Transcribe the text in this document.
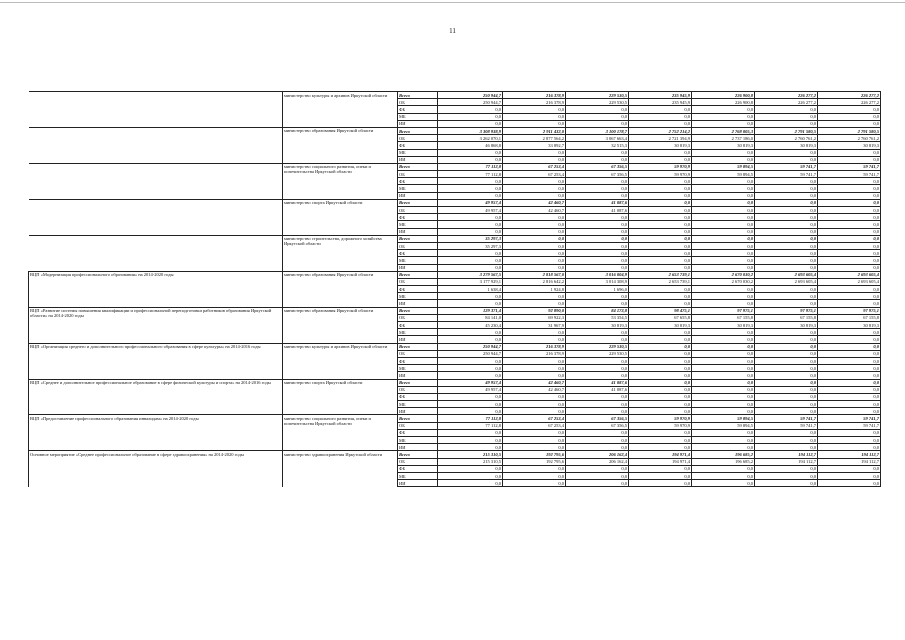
11
	министерство культуры и архивов Иркутской области	Всего	250 944,7	216 378,9	229 530,5	235 945,9	226 900,8	226 277,2	226 277,2
		ОБ	250 944,7	216 378,9	229 530,5	235 945,9	226 900,8	226 277,2	226 277,2
		ФБ	0,0	0,0	0,0	0,0	0,0	0,0	0,0
		МБ	0,0	0,0	0,0	0,0	0,0	0,0	0,0
		ИИ	0,0	0,0	0,0	0,0	0,0	0,0	0,0
	министерство образования Иркутской области	Всего	3 308 938,9	2 911 432,0	3 100 178,7	2 752 214,2	2 768 005,3	2 791 580,5	2 791 580,5
		ОБ	3 262 070,1	2 877 564,2	3 067 663,4	2 721 394,9	2 737 186,0	2 760 761,2	2 760 761,2
		ФБ	46 868,8	33 892,7	32 515,3	30 819,3	30 819,3	30 819,3	30 819,3
		МБ	0,0	0,0	0,0	0,0	0,0	0,0	0,0
		ИИ	0,0	0,0	0,0	0,0	0,0	0,0	0,0
	министерство социального развития, опеки и попечительства Иркутской области	Всего	77 112,8	67 253,4	67 356,5	59 970,9	59 894,5	59 741,7	59 741,7
		ОБ	77 112,8	67 253,4	67 356,5	59 970,9	59 894,5	59 741,7	59 741,7
		ФБ	0,0	0,0	0,0	0,0	0,0	0,0	0,0
		МБ	0,0	0,0	0,0	0,0	0,0	0,0	0,0
		ИИ	0,0	0,0	0,0	0,0	0,0	0,0	0,0
	министерство спорта Иркутской области	Всего	49 957,4	42 460,7	41 087,6	0,0	0,0	0,0	0,0
		ОБ	49 957,4	42 460,7	41 087,6	0,0	0,0	0,0	0,0
		ФБ	0,0	0,0	0,0	0,0	0,0	0,0	0,0
		МБ	0,0	0,0	0,0	0,0	0,0	0,0	0,0
		ИИ	0,0	0,0	0,0	0,0	0,0	0,0	0,0
	министерство строительства, дорожного хозяйства Иркутской области	Всего	35 297,3	0,0	0,0	0,0	0,0	0,0	0,0
		ОБ	35 297,3	0,0	0,0	0,0	0,0	0,0	0,0
		ФБ	0,0	0,0	0,0	0,0	0,0	0,0	0,0
		МБ	0,0	0,0	0,0	0,0	0,0	0,0	0,0
		ИИ	0,0	0,0	0,0	0,0	0,0	0,0	0,0
ВЦП «Модернизация профессионального образования» на 2014-2020 годы	министерство образования Иркутской области	Всего	3 279 567,5	2 818 567,0	3 016 004,9	2 653 739,1	2 670 030,2	2 693 605,4	2 693 605,4
		ОБ	3 177 929,1	2 816 642,2	3 014 308,9	2 653 739,1	2 670 030,2	2 693 605,4	2 693 605,4
		ФБ	1 638,4	1 924,8	1 696,0	0,0	0,0	0,0	0,0
		МБ	0,0	0,0	0,0	0,0	0,0	0,0	0,0
		ИИ	0,0	0,0	0,0	0,0	0,0	0,0	0,0
ВЦП «Развитие системы повышения квалификации и профессиональной переподготовки работников образования Иркутской области» на 2014-2020 годы	министерство образования Иркутской области	Всего	129 371,4	92 890,0	84 173,8	98 475,1	97 975,1	97 975,1	97 975,1
		ОБ	84 141,0	69 922,3	53 354,5	67 655,8	67 155,8	67 155,8	67 155,8
		ФБ	45 230,4	31 967,9	30 819,3	30 819,3	30 819,3	30 819,3	30 819,3
		МБ	0,0	0,0	0,0	0,0	0,0	0,0	0,0
		ИИ	0,0	0,0	0,0	0,0	0,0	0,0	0,0
ВЦП «Организация среднего и дополнительного профессионального образования в сфере культуры» на 2014-2016 годы	министерство культуры и архивов Иркутской области	Всего	250 944,7	216 378,9	229 530,5	0,0	0,0	0,0	0,0
		ОБ	250 944,7	216 378,9	229 530,5	0,0	0,0	0,0	0,0
		ФБ	0,0	0,0	0,0	0,0	0,0	0,0	0,0
		МБ	0,0	0,0	0,0	0,0	0,0	0,0	0,0
		ИИ	0,0	0,0	0,0	0,0	0,0	0,0	0,0
ВЦП «Среднее и дополнительное профессиональное образование в сфере физической культуры и спорта» на 2014-2016 годы	министерство спорта Иркутской области	Всего	49 957,4	42 460,7	41 087,6	0,0	0,0	0,0	0,0
		ОБ	49 957,4	42 460,7	41 087,6	0,0	0,0	0,0	0,0
		ФБ	0,0	0,0	0,0	0,0	0,0	0,0	0,0
		МБ	0,0	0,0	0,0	0,0	0,0	0,0	0,0
		ИИ	0,0	0,0	0,0	0,0	0,0	0,0	0,0
ВЦП «Предоставление профессионального образования инвалидам» на 2014-2020 годы	министерство социального развития, опеки и попечительства Иркутской области	Всего	77 112,8	67 253,4	67 356,5	59 970,9	59 894,5	59 741,7	59 741,7
		ОБ	77 112,8	67 253,4	67 356,5	59 970,9	59 894,5	59 741,7	59 741,7
		ФБ	0,0	0,0	0,0	0,0	0,0	0,0	0,0
		МБ	0,0	0,0	0,0	0,0	0,0	0,0	0,0
		ИИ	0,0	0,0	0,0	0,0	0,0	0,0	0,0
Основное мероприятие «Среднее профессиональное образование в сфере здравоохранения» на 2014-2020 годы	министерство здравоохранения Иркутской области	Всего	215 310,5	192 795,6	206 162,4	194 971,4	196 685,2	194 112,7	194 112,7
		ОБ	215 310,5	192 795,6	206 162,4	194 971,4	196 685,2	194 112,7	194 112,7
		ФБ	0,0	0,0	0,0	0,0	0,0	0,0	0,0
		МБ	0,0	0,0	0,0	0,0	0,0	0,0	0,0
		ИИ	0,0	0,0	0,0	0,0	0,0	0,0	0,0
